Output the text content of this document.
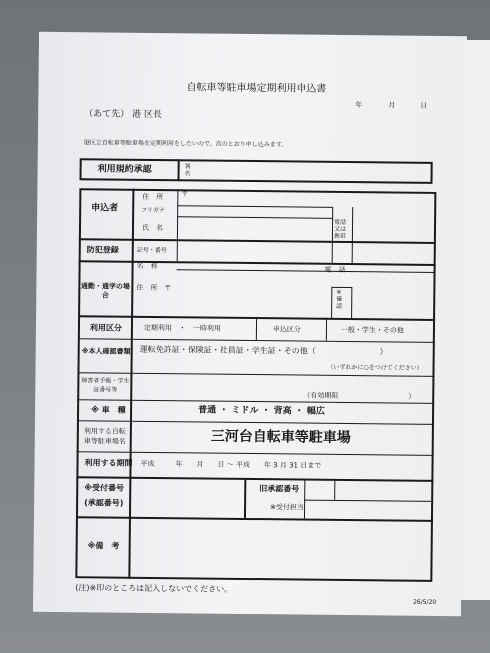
自転車等駐車場定期利用申込書
年	月	日
（あて先） 港 区長
港区立自転車等駐車場を定期利用をしたいので、次のとおり申し込みます。
利用規約承認	署名
申込者
住　所	〒
フリガナ
氏　名
電話又は携帯
防犯登録	記号・番号
通勤・通学の場合
名　称	電　話
住　所　〒
※確認
利用区分	定期利用　・　一時利用	申込区分	一般・学生・その他
※本人確認書類 運転免許証・保険証・社員証・学生証・その他（　　　　　　　　）
（いずれかに○をつけてください）
障害者手帳・学生証番号等
（有効期限　　　　　　　　　　）
※ 車　種	普通 ・ ミドル ・ 背高 ・ 幅広
利用する自転車等駐車場名	三河台自転車等駐車場
利用する期間 平成　　　年　　月　　日 ～ 平成　　年 3 月 31 日まで
※受付番号
(承認番号)
旧承認番号
※受付担当
※備　考
(注)※印のところは記入しないでください。
26/5/20
